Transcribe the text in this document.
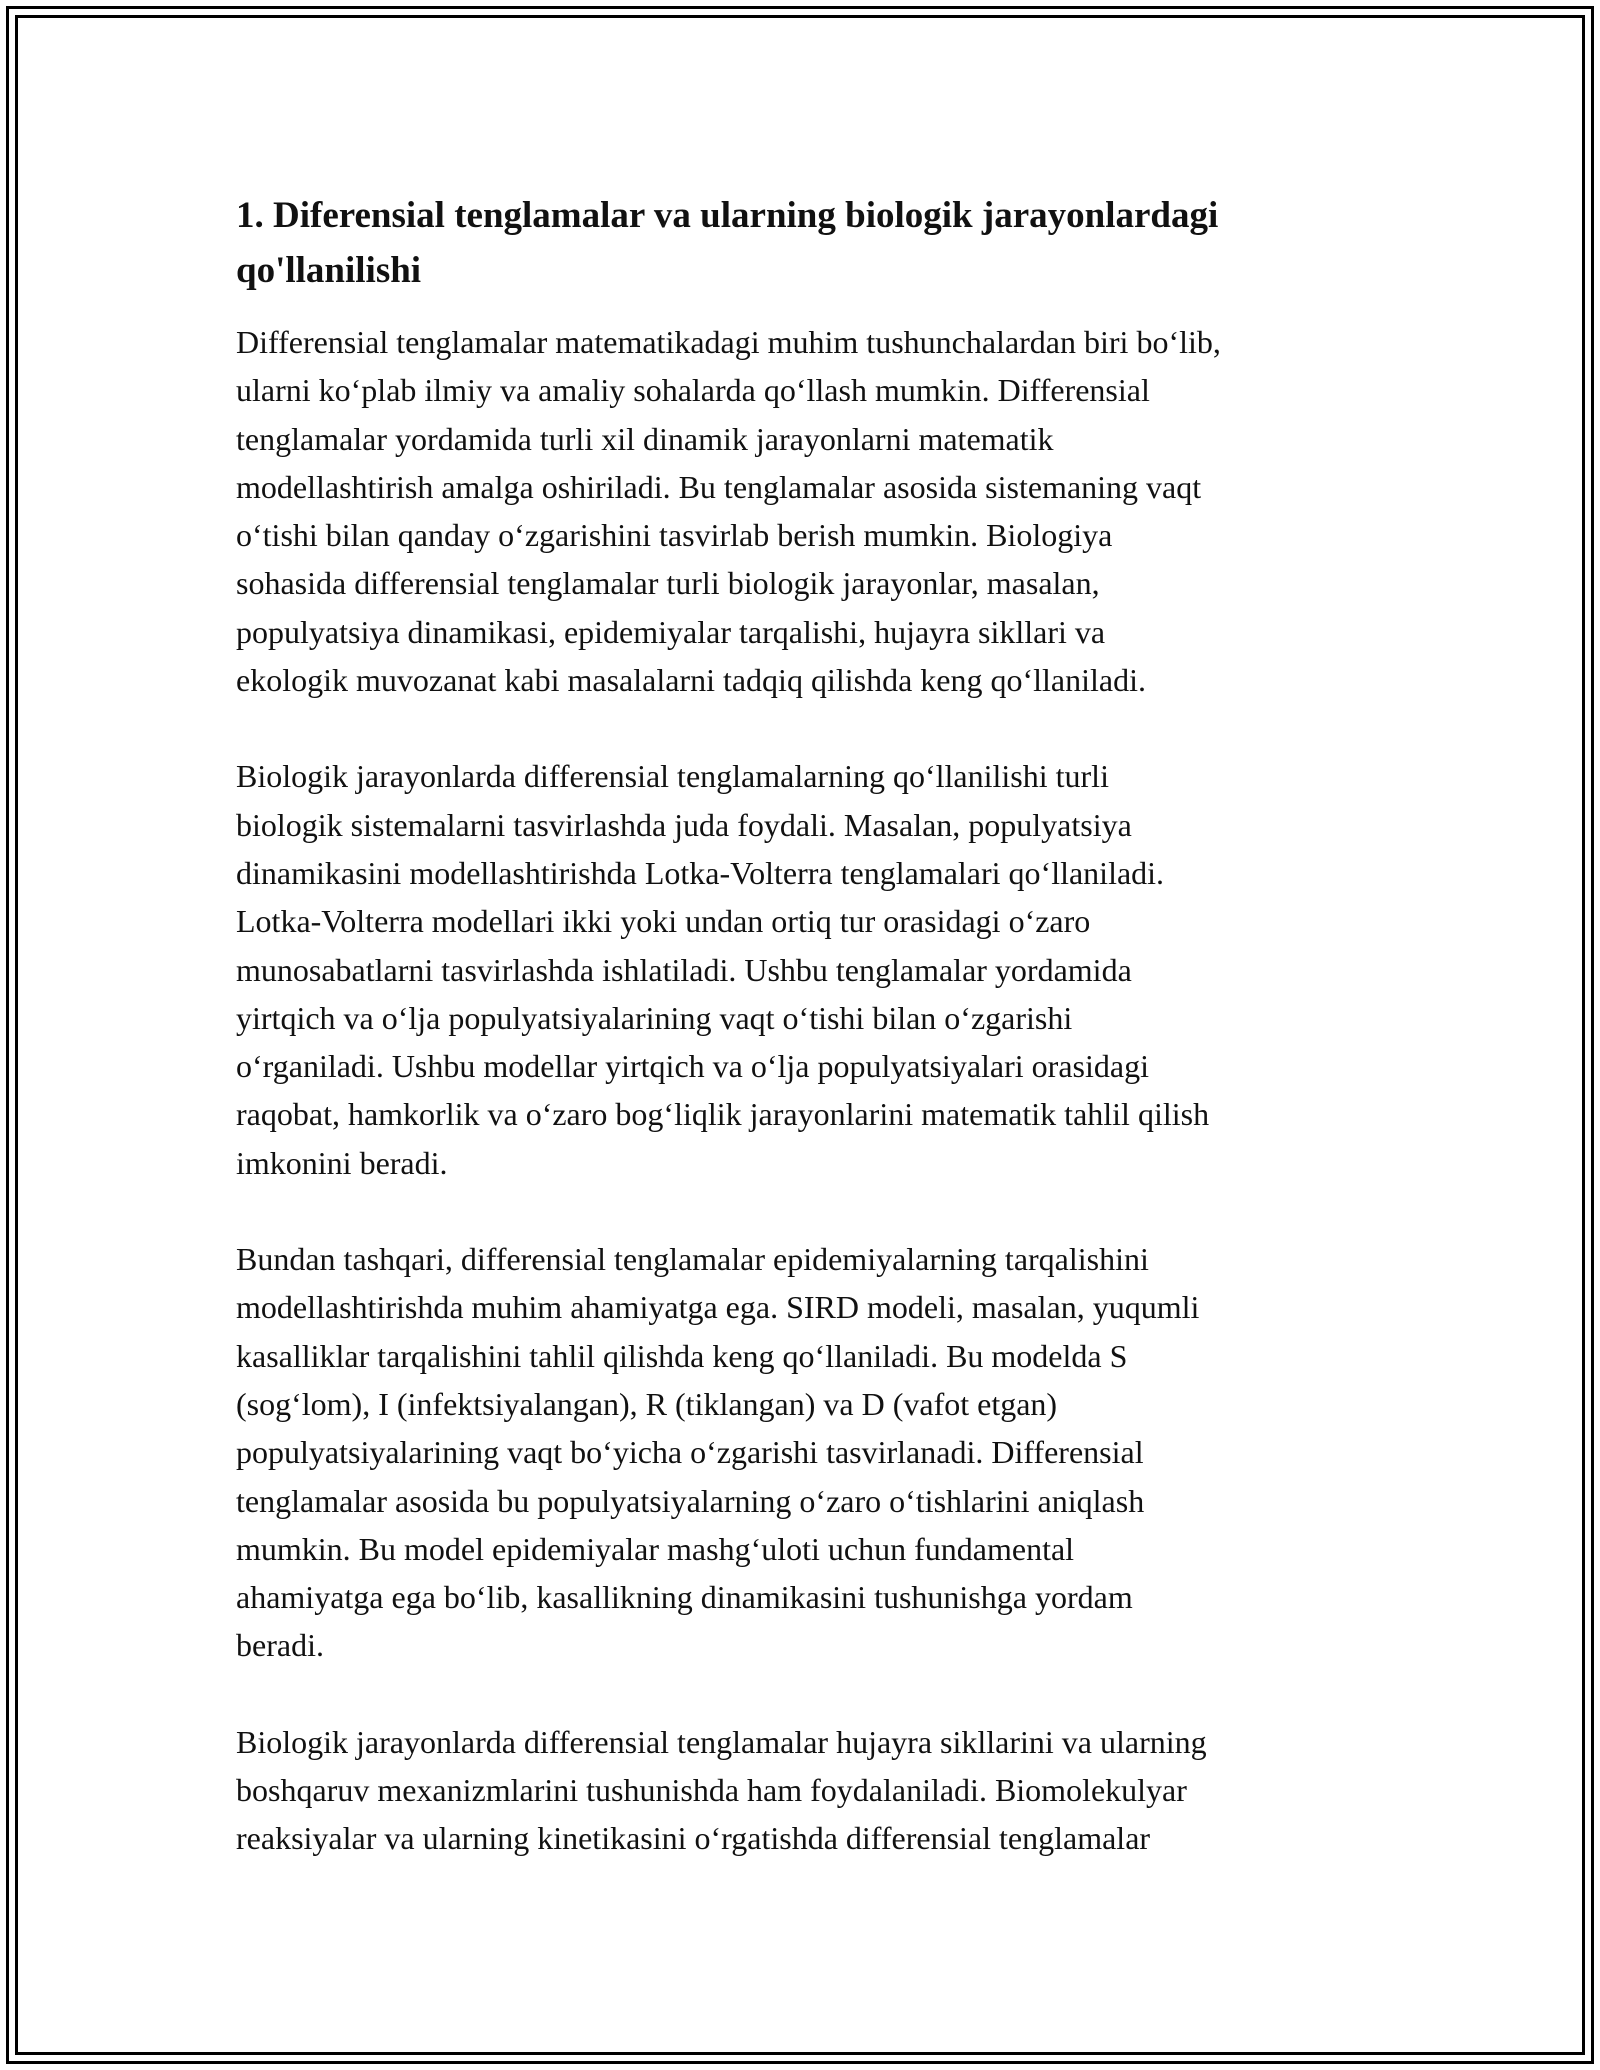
1. Diferensial tenglamalar va ularning biologik jarayonlardagi
qo'llanilishi

Differensial tenglamalar matematikadagi muhim tushunchalardan biri bo‘lib,
ularni ko‘plab ilmiy va amaliy sohalarda qo‘llash mumkin. Differensial
tenglamalar yordamida turli xil dinamik jarayonlarni matematik
modellashtirish amalga oshiriladi. Bu tenglamalar asosida sistemaning vaqt
o‘tishi bilan qanday o‘zgarishini tasvirlab berish mumkin. Biologiya
sohasida differensial tenglamalar turli biologik jarayonlar, masalan,
populyatsiya dinamikasi, epidemiyalar tarqalishi, hujayra sikllari va
ekologik muvozanat kabi masalalarni tadqiq qilishda keng qo‘llaniladi.

Biologik jarayonlarda differensial tenglamalarning qo‘llanilishi turli
biologik sistemalarni tasvirlashda juda foydali. Masalan, populyatsiya
dinamikasini modellashtirishda Lotka-Volterra tenglamalari qo‘llaniladi.
Lotka-Volterra modellari ikki yoki undan ortiq tur orasidagi o‘zaro
munosabatlarni tasvirlashda ishlatiladi. Ushbu tenglamalar yordamida
yirtqich va o‘lja populyatsiyalarining vaqt o‘tishi bilan o‘zgarishi
o‘rganiladi. Ushbu modellar yirtqich va o‘lja populyatsiyalari orasidagi
raqobat, hamkorlik va o‘zaro bog‘liqlik jarayonlarini matematik tahlil qilish
imkonini beradi.

Bundan tashqari, differensial tenglamalar epidemiyalarning tarqalishini
modellashtirishda muhim ahamiyatga ega. SIRD modeli, masalan, yuqumli
kasalliklar tarqalishini tahlil qilishda keng qo‘llaniladi. Bu modelda S
(sog‘lom), I (infektsiyalangan), R (tiklangan) va D (vafot etgan)
populyatsiyalarining vaqt bo‘yicha o‘zgarishi tasvirlanadi. Differensial
tenglamalar asosida bu populyatsiyalarning o‘zaro o‘tishlarini aniqlash
mumkin. Bu model epidemiyalar mashg‘uloti uchun fundamental
ahamiyatga ega bo‘lib, kasallikning dinamikasini tushunishga yordam
beradi.

Biologik jarayonlarda differensial tenglamalar hujayra sikllarini va ularning
boshqaruv mexanizmlarini tushunishda ham foydalaniladi. Biomolekulyar
reaksiyalar va ularning kinetikasini o‘rgatishda differensial tenglamalar
